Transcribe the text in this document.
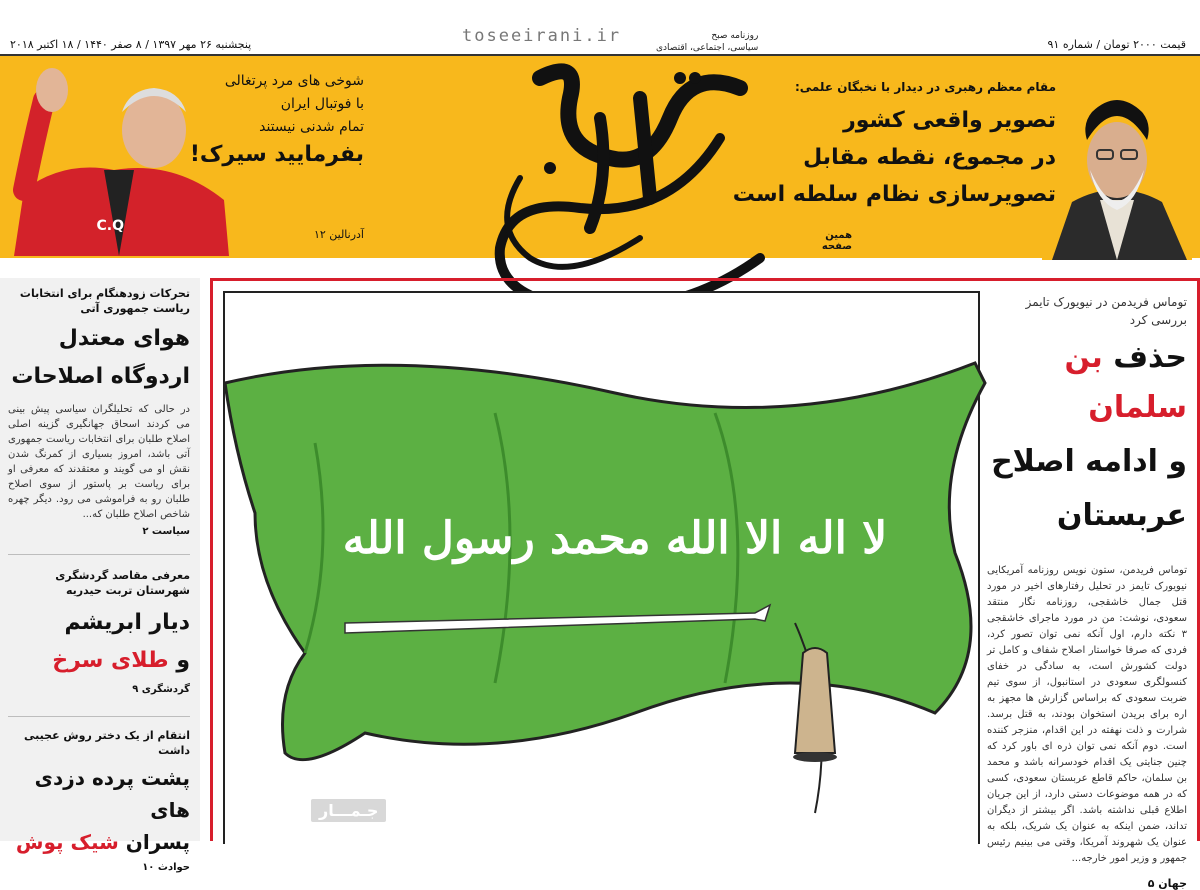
قیمت ۲۰۰۰ تومان / شماره ۹۱
toseeirani.ir	روزنامه صبح
سیاسی، اجتماعی، اقتصادی
پنجشنبه ۲۶ مهر ۱۳۹۷ / ۸ صفر ۱۴۴۰ / ۱۸ اکتبر ۲۰۱۸
مقام معظم رهبری در دیدار با نخبگان علمی:
تصویر واقعی کشور
در مجموع، نقطه مقابل
تصویرسازی نظام سلطه است
همین صفحه
توسعه ایرانی
C.Q
شوخی های مرد پرتغالی
با فوتبال ایران
تمام شدنی نیستند
بفرمایید سیرک!
آدرنالین ۱۲
تحرکات زودهنگام برای انتخابات ریاست جمهوری آتی
هوای معتدل
اردوگاه اصلاحات
در حالی که تحلیلگران سیاسی پیش بینی می کردند اسحاق جهانگیری گزینه اصلی اصلاح طلبان برای انتخابات ریاست جمهوری آتی باشد، امروز بسیاری از کمرنگ شدن نقش او می گویند و معتقدند که معرفی او برای ریاست بر پاستور از سوی اصلاح طلبان رو به فراموشی می رود. دیگر چهره شاخص اصلاح طلبان که...
سیاست ۲
معرفی مقاصد گردشگری شهرستان تربت حیدریه
دیار ابریشم
و طلای سرخ
گردشگری ۹
انتقام از یک دختر روش عجیبی داشت
پشت پرده دزدی های
پسران شیک پوش
حوادث ۱۰
توماس فریدمن در نیویورک تایمز بررسی کرد
حذف بن سلمان
و ادامه اصلاح
عربستان
توماس فریدمن، ستون نویس روزنامه آمریکایی نیویورک تایمز در تحلیل رفتارهای اخیر در مورد قتل جمال خاشقجی، روزنامه نگار منتقد سعودی، نوشت: من در مورد ماجرای خاشقجی ۳ نکته دارم، اول آنکه نمی توان تصور کرد، فردی که صرفا خواستار اصلاح شفاف و کامل تر دولت کشورش است، به سادگی در خفای کنسولگری سعودی در استانبول، از سوی تیم ضربت سعودی که براساس گزارش ها مجهز به اره برای بریدن استخوان بودند، به قتل برسد. شرارت و ذلت نهفته در این اقدام، منزجر کننده است. دوم آنکه نمی توان ذره ای باور کرد که چنین جنایتی یک اقدام خودسرانه باشد و محمد بن سلمان، حاکم قاطع عربستان سعودی، کسی که در همه موضوعات دستی دارد، از این جریان اطلاع قبلی نداشته باشد. اگر بیشتر از دیگران تداند، ضمن اینکه به عنوان یک شریک، بلکه به عنوان یک شهروند آمریکا، وقتی می بینیم رئیس جمهور و وزیر امور خارجه...
جهان ۵
لا اله الا الله محمد رسول الله
جـمـــار
